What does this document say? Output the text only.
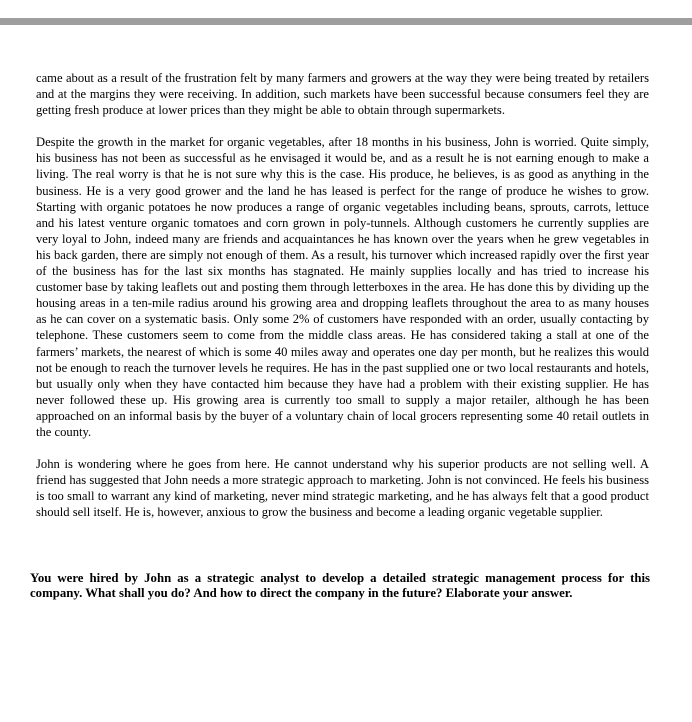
came about as a result of the frustration felt by many farmers and growers at the way they were being treated by retailers and at the margins they were receiving. In addition, such markets have been successful because consumers feel they are getting fresh produce at lower prices than they might be able to obtain through supermarkets.

Despite the growth in the market for organic vegetables, after 18 months in his business, John is worried. Quite simply, his business has not been as successful as he envisaged it would be, and as a result he is not earning enough to make a living. The real worry is that he is not sure why this is the case. His produce, he believes, is as good as anything in the business. He is a very good grower and the land he has leased is perfect for the range of produce he wishes to grow. Starting with organic potatoes he now produces a range of organic vegetables including beans, sprouts, carrots, lettuce and his latest venture organic tomatoes and corn grown in poly-tunnels. Although customers he currently supplies are very loyal to John, indeed many are friends and acquaintances he has known over the years when he grew vegetables in his back garden, there are simply not enough of them. As a result, his turnover which increased rapidly over the first year of the business has for the last six months has stagnated. He mainly supplies locally and has tried to increase his customer base by taking leaflets out and posting them through letterboxes in the area. He has done this by dividing up the housing areas in a ten-mile radius around his growing area and dropping leaflets throughout the area to as many houses as he can cover on a systematic basis. Only some 2% of customers have responded with an order, usually contacting by telephone. These customers seem to come from the middle class areas. He has considered taking a stall at one of the farmers’ markets, the nearest of which is some 40 miles away and operates one day per month, but he realizes this would not be enough to reach the turnover levels he requires. He has in the past supplied one or two local restaurants and hotels, but usually only when they have contacted him because they have had a problem with their existing supplier. He has never followed these up. His growing area is currently too small to supply a major retailer, although he has been approached on an informal basis by the buyer of a voluntary chain of local grocers representing some 40 retail outlets in the county.

John is wondering where he goes from here. He cannot understand why his superior products are not selling well. A friend has suggested that John needs a more strategic approach to marketing. John is not convinced. He feels his business is too small to warrant any kind of marketing, never mind strategic marketing, and he has always felt that a good product should sell itself. He is, however, anxious to grow the business and become a leading organic vegetable supplier.

You were hired by John as a strategic analyst to develop a detailed strategic management process for this company. What shall you do? And how to direct the company in the future? Elaborate your answer.
